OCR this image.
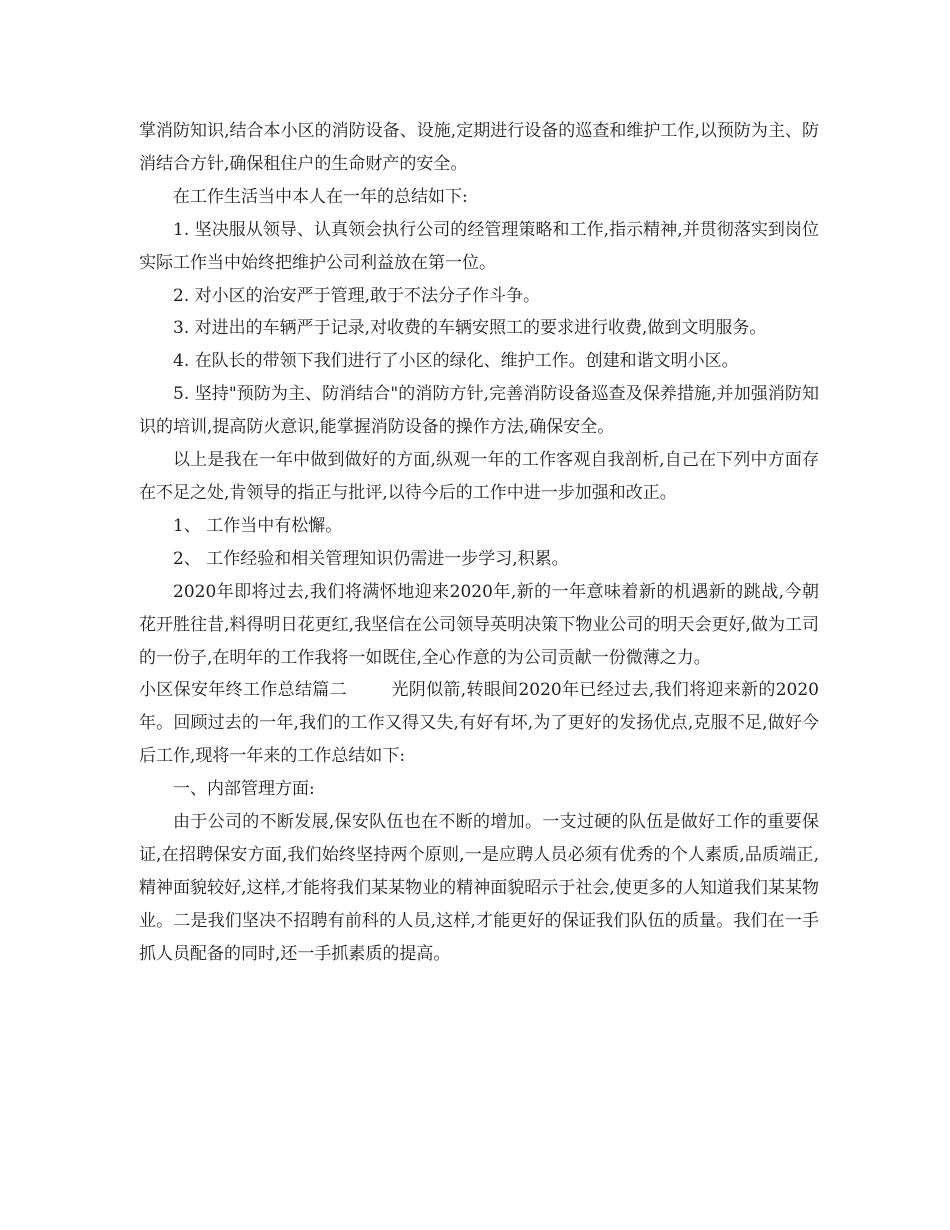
掌消防知识,结合本小区的消防设备、设施,定期进行设备的巡查和维护工作,以预防为主、防消结合方针,确保租住户的生命财产的安全。

在工作生活当中本人在一年的总结如下:

1. 坚决服从领导、认真领会执行公司的经管理策略和工作,指示精神,并贯彻落实到岗位实际工作当中始终把维护公司利益放在第一位。

2. 对小区的治安严于管理,敢于不法分子作斗争。

3. 对进出的车辆严于记录,对收费的车辆安照工的要求进行收费,做到文明服务。

4. 在队长的带领下我们进行了小区的绿化、维护工作。创建和谐文明小区。

5. 坚持"预防为主、防消结合"的消防方针,完善消防设备巡查及保养措施,并加强消防知识的培训,提高防火意识,能掌握消防设备的操作方法,确保安全。

以上是我在一年中做到做好的方面,纵观一年的工作客观自我剖析,自己在下列中方面存在不足之处,肯领导的指正与批评,以待今后的工作中进一步加强和改正。

1、 工作当中有松懈。

2、 工作经验和相关管理知识仍需进一步学习,积累。

2020年即将过去,我们将满怀地迎来2020年,新的一年意味着新的机遇新的跳战,今朝花开胜往昔,料得明日花更红,我坚信在公司领导英明决策下物业公司的明天会更好,做为工司的一份子,在明年的工作我将一如既住,全心作意的为公司贡献一份微薄之力。

小区保安年终工作总结篇二	光阴似箭,转眼间2020年已经过去,我们将迎来新的2020年。回顾过去的一年,我们的工作又得又失,有好有坏,为了更好的发扬优点,克服不足,做好今后工作,现将一年来的工作总结如下:

一、内部管理方面:

由于公司的不断发展,保安队伍也在不断的增加。一支过硬的队伍是做好工作的重要保证,在招聘保安方面,我们始终坚持两个原则,一是应聘人员必须有优秀的个人素质,品质端正,精神面貌较好,这样,才能将我们某某物业的精神面貌昭示于社会,使更多的人知道我们某某物业。二是我们坚决不招聘有前科的人员,这样,才能更好的保证我们队伍的质量。我们在一手抓人员配备的同时,还一手抓素质的提高。
